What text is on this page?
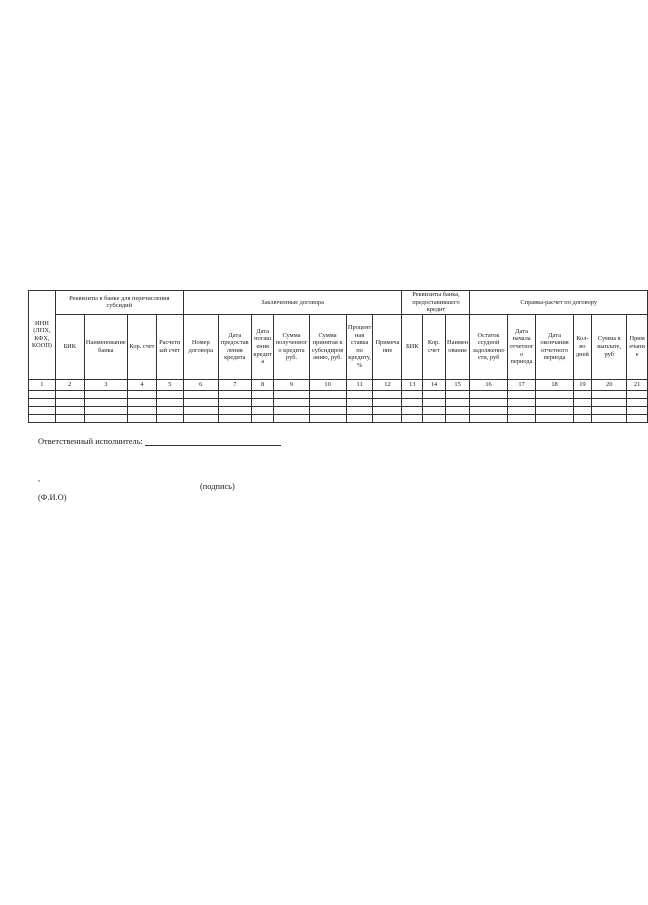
ИНН (ЛПХ, КФХ, КООП)	Реквизиты в банке для перечисления субсидий				Заключенные договора							Реквизиты банка, предоставившего кредит			Справка-расчет по договору					
	БИК	Наименование банка	Кор. счет	Расчетный счет	Номер договора	Дата предоставления кредита	Дата погашения кредита	Сумма полученного кредита руб.	Сумма принятая к субсидированию, руб.	Процентная ставка по кредиту,%	Примечание	БИК	Кор. счет	Наименование	Остаток ссудной задолженности, руб	Дата начала отчетного периода	Дата окончания отчетного периода	Кол-во дней	Сумма в выплате, руб	Примечание
1	2	3	4	5	6	7	8	9	10	11	12	13	14	15	16	17	18	19	20	21

Ответственный исполнитель:
,
(подпись)
(Ф.И.О)
